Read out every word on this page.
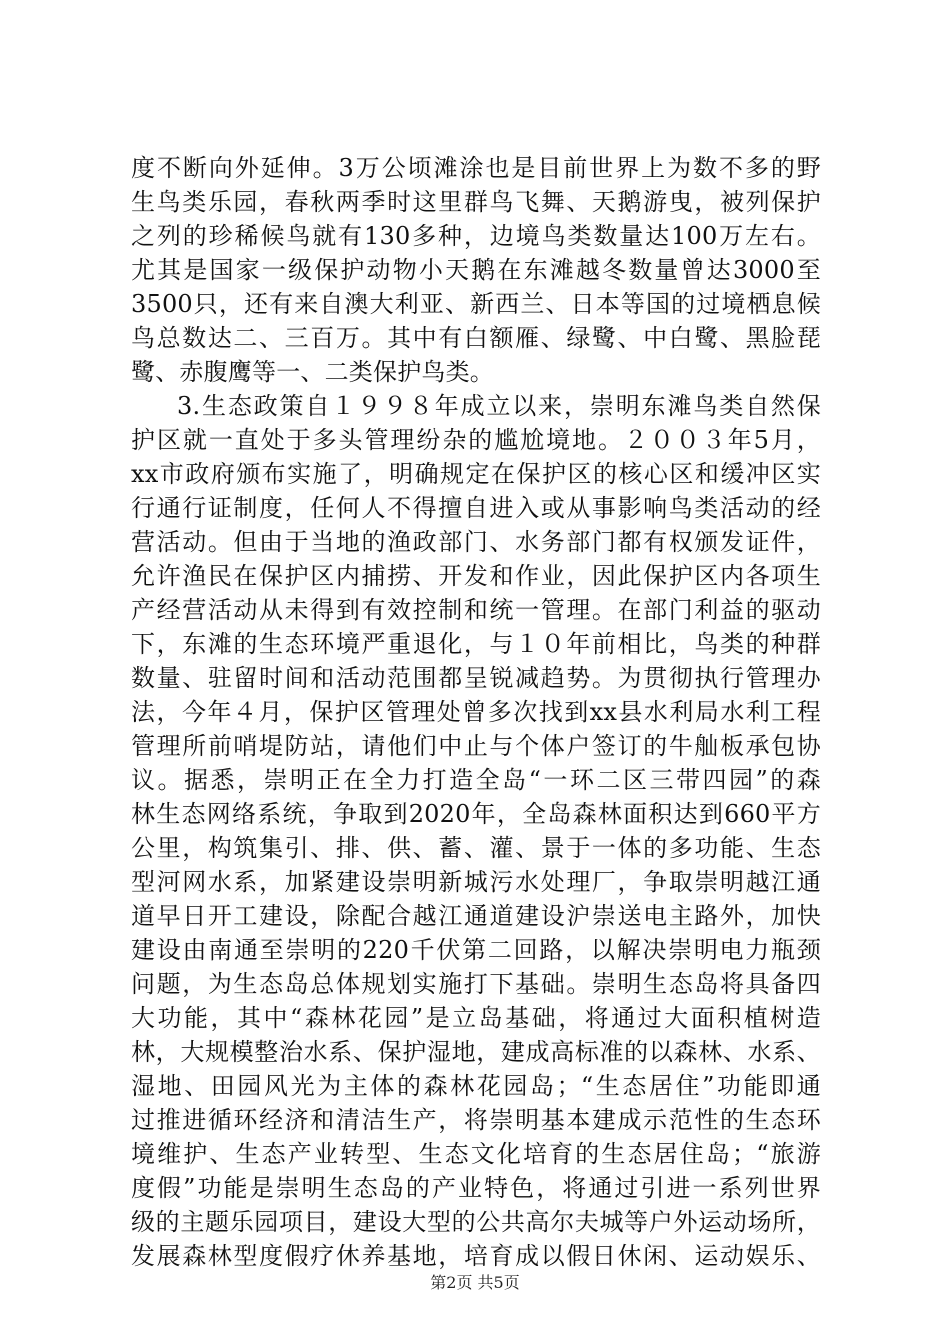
度不断向外延伸。3万公顷滩涂也是目前世界上为数不多的野
生鸟类乐园，春秋两季时这里群鸟飞舞、天鹅游曳，被列保护
之列的珍稀候鸟就有130多种，边境鸟类数量达100万左右。
尤其是国家一级保护动物小天鹅在东滩越冬数量曾达3000至
3500只，还有来自澳大利亚、新西兰、日本等国的过境栖息候
鸟总数达二、三百万。其中有白额雁、绿鹭、中白鹭、黑脸琵
鹭、赤腹鹰等一、二类保护鸟类。
3.生态政策自１９９８年成立以来，崇明东滩鸟类自然保
护区就一直处于多头管理纷杂的尴尬境地。２００３年5月，
xx市政府颁布实施了，明确规定在保护区的核心区和缓冲区实
行通行证制度，任何人不得擅自进入或从事影响鸟类活动的经
营活动。但由于当地的渔政部门、水务部门都有权颁发证件，
允许渔民在保护区内捕捞、开发和作业，因此保护区内各项生
产经营活动从未得到有效控制和统一管理。在部门利益的驱动
下，东滩的生态环境严重退化，与１０年前相比，鸟类的种群
数量、驻留时间和活动范围都呈锐减趋势。为贯彻执行管理办
法，今年４月，保护区管理处曾多次找到xx县水利局水利工程
管理所前哨堤防站，请他们中止与个体户签订的牛舢板承包协
议。据悉，崇明正在全力打造全岛“一环二区三带四园”的森
林生态网络系统，争取到2020年，全岛森林面积达到660平方
公里，构筑集引、排、供、蓄、灌、景于一体的多功能、生态
型河网水系，加紧建设崇明新城污水处理厂，争取崇明越江通
道早日开工建设，除配合越江通道建设沪崇送电主路外，加快
建设由南通至崇明的220千伏第二回路，以解决崇明电力瓶颈
问题，为生态岛总体规划实施打下基础。崇明生态岛将具备四
大功能，其中“森林花园”是立岛基础，将通过大面积植树造
林，大规模整治水系、保护湿地，建成高标准的以森林、水系、
湿地、田园风光为主体的森林花园岛；“生态居住”功能即通
过推进循环经济和清洁生产，将崇明基本建成示范性的生态环
境维护、生态产业转型、生态文化培育的生态居住岛；“旅游
度假”功能是崇明生态岛的产业特色，将通过引进一系列世界
级的主题乐园项目，建设大型的公共高尔夫城等户外运动场所，
发展森林型度假疗休养基地，培育成以假日休闲、运动娱乐、
第2页 共5页
